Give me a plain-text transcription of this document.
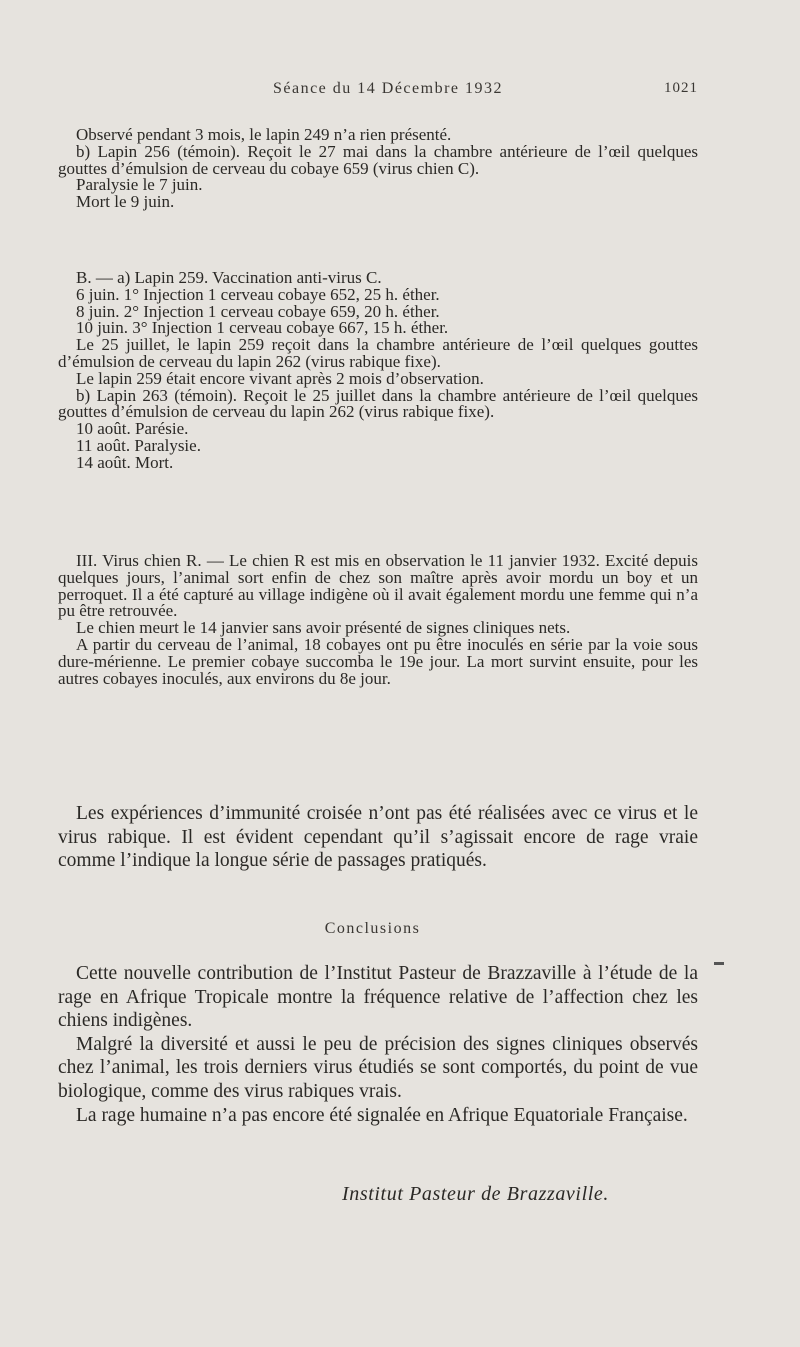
Séance du 14 Décembre 1932	1021

Observé pendant 3 mois, le lapin 249 n’a rien présenté.

b) Lapin 256 (témoin). Reçoit le 27 mai dans la chambre antérieure de l’œil quelques gouttes d’émulsion de cerveau du cobaye 659 (virus chien C).

Paralysie le 7 juin.

Mort le 9 juin.

B. — a) Lapin 259. Vaccination anti-virus C.

6 juin. 1° Injection 1 cerveau cobaye 652, 25 h. éther.

8 juin. 2° Injection 1 cerveau cobaye 659, 20 h. éther.

10 juin. 3° Injection 1 cerveau cobaye 667, 15 h. éther.

Le 25 juillet, le lapin 259 reçoit dans la chambre antérieure de l’œil quelques gouttes d’émulsion de cerveau du lapin 262 (virus rabique fixe).

Le lapin 259 était encore vivant après 2 mois d’observation.

b) Lapin 263 (témoin). Reçoit le 25 juillet dans la chambre antérieure de l’œil quelques gouttes d’émulsion de cerveau du lapin 262 (virus rabique fixe).

10 août. Parésie.

11 août. Paralysie.

14 août. Mort.

III. Virus chien R. — Le chien R est mis en observation le 11 janvier 1932. Excité depuis quelques jours, l’animal sort enfin de chez son maître après avoir mordu un boy et un perroquet. Il a été capturé au village indigène où il avait également mordu une femme qui n’a pu être retrouvée.

Le chien meurt le 14 janvier sans avoir présenté de signes cliniques nets.

A partir du cerveau de l’animal, 18 cobayes ont pu être inoculés en série par la voie sous dure-mérienne. Le premier cobaye succomba le 19e jour. La mort survint ensuite, pour les autres cobayes inoculés, aux environs du 8e jour.

Les expériences d’immunité croisée n’ont pas été réalisées avec ce virus et le virus rabique. Il est évident cependant qu’il s’agissait encore de rage vraie comme l’indique la longue série de passages pratiqués.

Conclusions

Cette nouvelle contribution de l’Institut Pasteur de Brazzaville à l’étude de la rage en Afrique Tropicale montre la fréquence relative de l’affection chez les chiens indigènes.

Malgré la diversité et aussi le peu de précision des signes cliniques observés chez l’animal, les trois derniers virus étudiés se sont comportés, du point de vue biologique, comme des virus rabiques vrais.

La rage humaine n’a pas encore été signalée en Afrique Equatoriale Française.

Institut Pasteur de Brazzaville.
